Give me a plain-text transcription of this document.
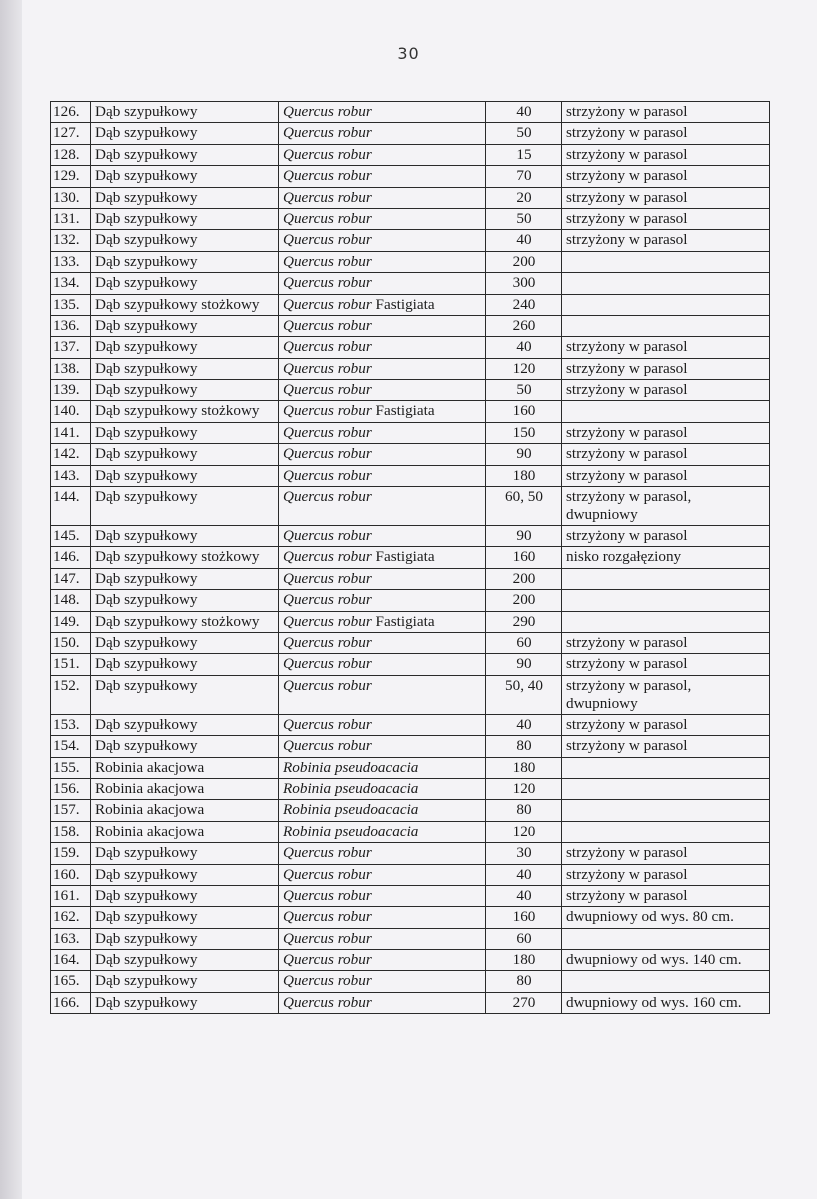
30
126.	Dąb szypułkowy	Quercus robur	40	strzyżony w parasol
127.	Dąb szypułkowy	Quercus robur	50	strzyżony w parasol
128.	Dąb szypułkowy	Quercus robur	15	strzyżony w parasol
129.	Dąb szypułkowy	Quercus robur	70	strzyżony w parasol
130.	Dąb szypułkowy	Quercus robur	20	strzyżony w parasol
131.	Dąb szypułkowy	Quercus robur	50	strzyżony w parasol
132.	Dąb szypułkowy	Quercus robur	40	strzyżony w parasol
133.	Dąb szypułkowy	Quercus robur	200	
134.	Dąb szypułkowy	Quercus robur	300	
135.	Dąb szypułkowy stożkowy	Quercus robur Fastigiata	240	
136.	Dąb szypułkowy	Quercus robur	260	
137.	Dąb szypułkowy	Quercus robur	40	strzyżony w parasol
138.	Dąb szypułkowy	Quercus robur	120	strzyżony w parasol
139.	Dąb szypułkowy	Quercus robur	50	strzyżony w parasol
140.	Dąb szypułkowy stożkowy	Quercus robur Fastigiata	160	
141.	Dąb szypułkowy	Quercus robur	150	strzyżony w parasol
142.	Dąb szypułkowy	Quercus robur	90	strzyżony w parasol
143.	Dąb szypułkowy	Quercus robur	180	strzyżony w parasol
144.	Dąb szypułkowy	Quercus robur	60, 50	strzyżony w parasol, dwupniowy
145.	Dąb szypułkowy	Quercus robur	90	strzyżony w parasol
146.	Dąb szypułkowy stożkowy	Quercus robur Fastigiata	160	nisko rozgałęziony
147.	Dąb szypułkowy	Quercus robur	200	
148.	Dąb szypułkowy	Quercus robur	200	
149.	Dąb szypułkowy stożkowy	Quercus robur Fastigiata	290	
150.	Dąb szypułkowy	Quercus robur	60	strzyżony w parasol
151.	Dąb szypułkowy	Quercus robur	90	strzyżony w parasol
152.	Dąb szypułkowy	Quercus robur	50, 40	strzyżony w parasol, dwupniowy
153.	Dąb szypułkowy	Quercus robur	40	strzyżony w parasol
154.	Dąb szypułkowy	Quercus robur	80	strzyżony w parasol
155.	Robinia akacjowa	Robinia pseudoacacia	180	
156.	Robinia akacjowa	Robinia pseudoacacia	120	
157.	Robinia akacjowa	Robinia pseudoacacia	80	
158.	Robinia akacjowa	Robinia pseudoacacia	120	
159.	Dąb szypułkowy	Quercus robur	30	strzyżony w parasol
160.	Dąb szypułkowy	Quercus robur	40	strzyżony w parasol
161.	Dąb szypułkowy	Quercus robur	40	strzyżony w parasol
162.	Dąb szypułkowy	Quercus robur	160	dwupniowy od wys. 80 cm.
163.	Dąb szypułkowy	Quercus robur	60	
164.	Dąb szypułkowy	Quercus robur	180	dwupniowy od wys. 140 cm.
165.	Dąb szypułkowy	Quercus robur	80	
166.	Dąb szypułkowy	Quercus robur	270	dwupniowy od wys. 160 cm.
